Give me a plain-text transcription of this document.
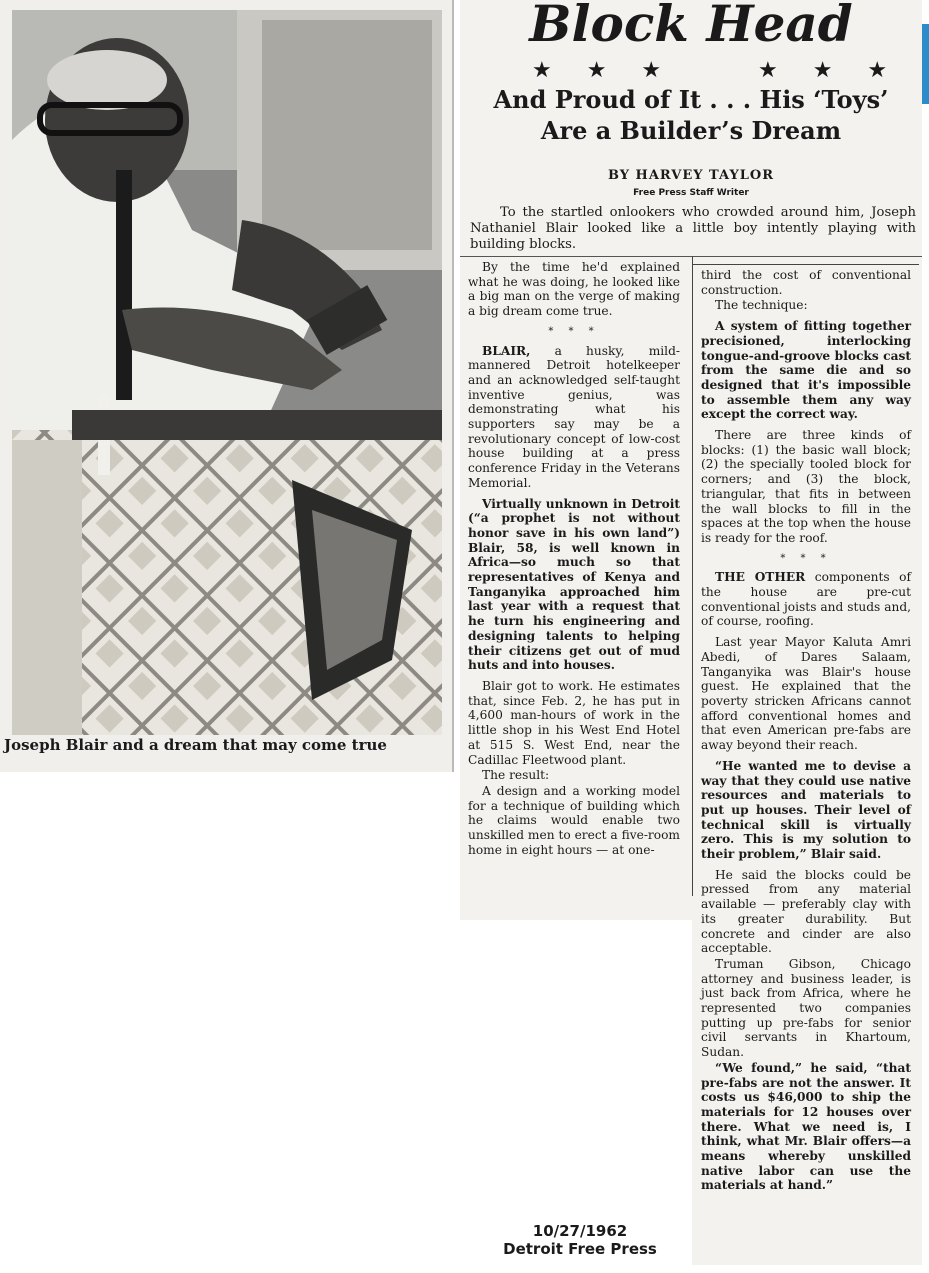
Joseph Blair and a dream that may come true
Block Head
★ ★ ★	★ ★ ★
And Proud of It . . . His ‘Toys’
Are a Builder’s Dream
BY HARVEY TAYLOR
Free Press Staff Writer

To the startled onlookers who crowded around him, Joseph Nathaniel Blair looked like a little boy intently playing with building blocks.

By the time he'd explained what he was doing, he looked like a big man on the verge of making a big dream come true.

* * *

BLAIR, a husky, mild-mannered Detroit hotelkeeper and an acknowledged self-taught inventive genius, was demonstrating what his supporters say may be a revolutionary concept of low-cost house building at a press conference Friday in the Veterans Memorial.

Virtually unknown in Detroit (“a prophet is not without honor save in his own land”) Blair, 58, is well known in Africa—so much so that representatives of Kenya and Tanganyika approached him last year with a request that he turn his engineering and designing talents to helping their citizens get out of mud huts and into houses.

Blair got to work. He estimates that, since Feb. 2, he has put in 4,600 man-hours of work in the little shop in his West End Hotel at 515 S. West End, near the Cadillac Fleetwood plant.

The result:

A design and a working model for a technique of building which he claims would enable two unskilled men to erect a five-room home in eight hours — at one-

third the cost of conventional construction.

The technique:

A system of fitting together precisioned, interlocking tongue-and-groove blocks cast from the same die and so designed that it's impossible to assemble them any way except the correct way.

There are three kinds of blocks: (1) the basic wall block; (2) the specially tooled block for corners; and (3) the block, triangular, that fits in between the wall blocks to fill in the spaces at the top when the house is ready for the roof.

* * *

THE OTHER components of the house are pre-cut conventional joists and studs and, of course, roofing.

Last year Mayor Kaluta Amri Abedi, of Dares Salaam, Tanganyika was Blair's house guest. He explained that the poverty stricken Africans cannot afford conventional homes and that even American pre-fabs are away beyond their reach.

“He wanted me to devise a way that they could use native resources and materials to put up houses. Their level of technical skill is virtually zero. This is my solution to their problem,” Blair said.

He said the blocks could be pressed from any material available — preferably clay with its greater durability. But concrete and cinder are also acceptable.

Truman Gibson, Chicago attorney and business leader, is just back from Africa, where he represented two companies putting up pre-fabs for senior civil servants in Khartoum, Sudan.

“We found,” he said, “that pre-fabs are not the answer. It costs us $46,000 to ship the materials for 12 houses over there. What we need is, I think, what Mr. Blair offers—a means whereby unskilled native labor can use the materials at hand.”

10/27/1962
Detroit Free Press
